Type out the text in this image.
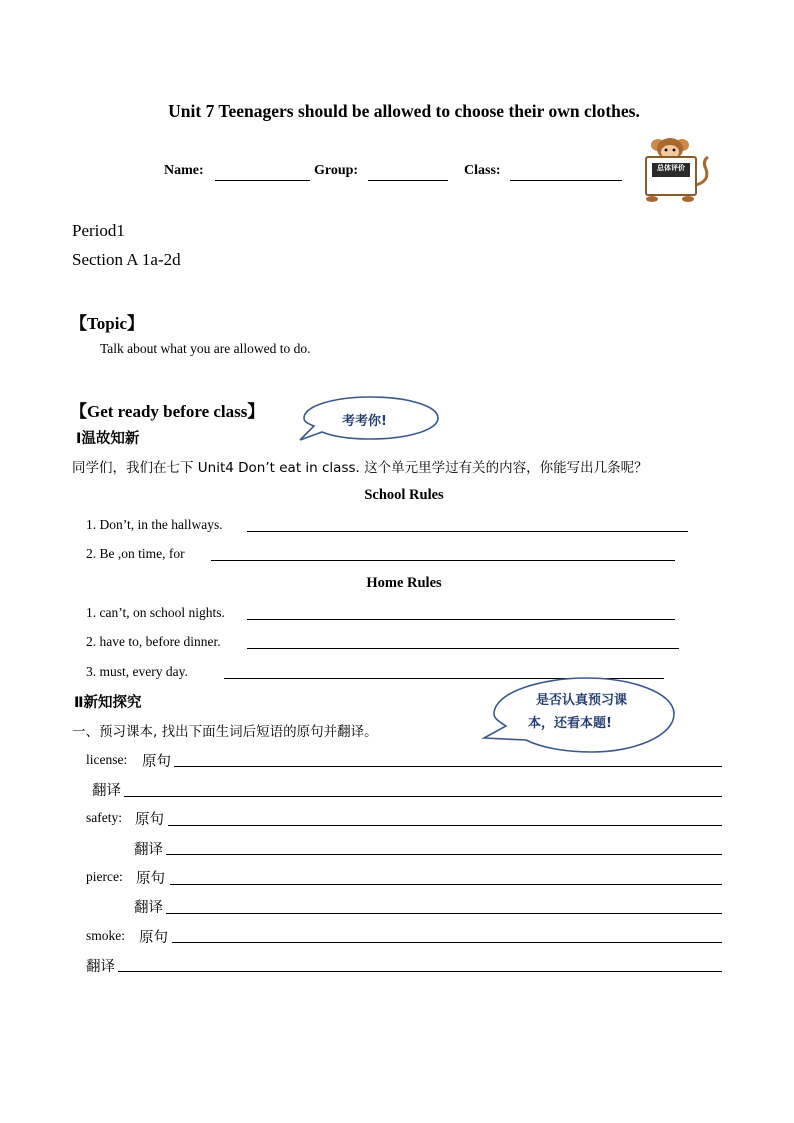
Unit 7 Teenagers should be allowed to choose their own clothes.
Name:	Group:	Class:	总体评价
Period1
Section A 1a-2d
【Topic】
Talk about what you are allowed to do.
【Get ready before class】
考考你!
Ⅰ温故知新
同学们，我们在七下 Unit4 Don’t eat in class. 这个单元里学过有关的内容，你能写出几条呢？
School Rules
1. Don’t, in the hallways.
2. Be ,on time, for
Home Rules
1. can’t, on school nights.
2. have to, before dinner.
3. must, every day.
Ⅱ新知探究	是否认真预习课
本，还看本题!
一、预习课本, 找出下面生词后短语的原句并翻译。
license: 原句
翻译
safety: 原句
翻译
pierce: 原句
翻译
smoke: 原句
翻译
